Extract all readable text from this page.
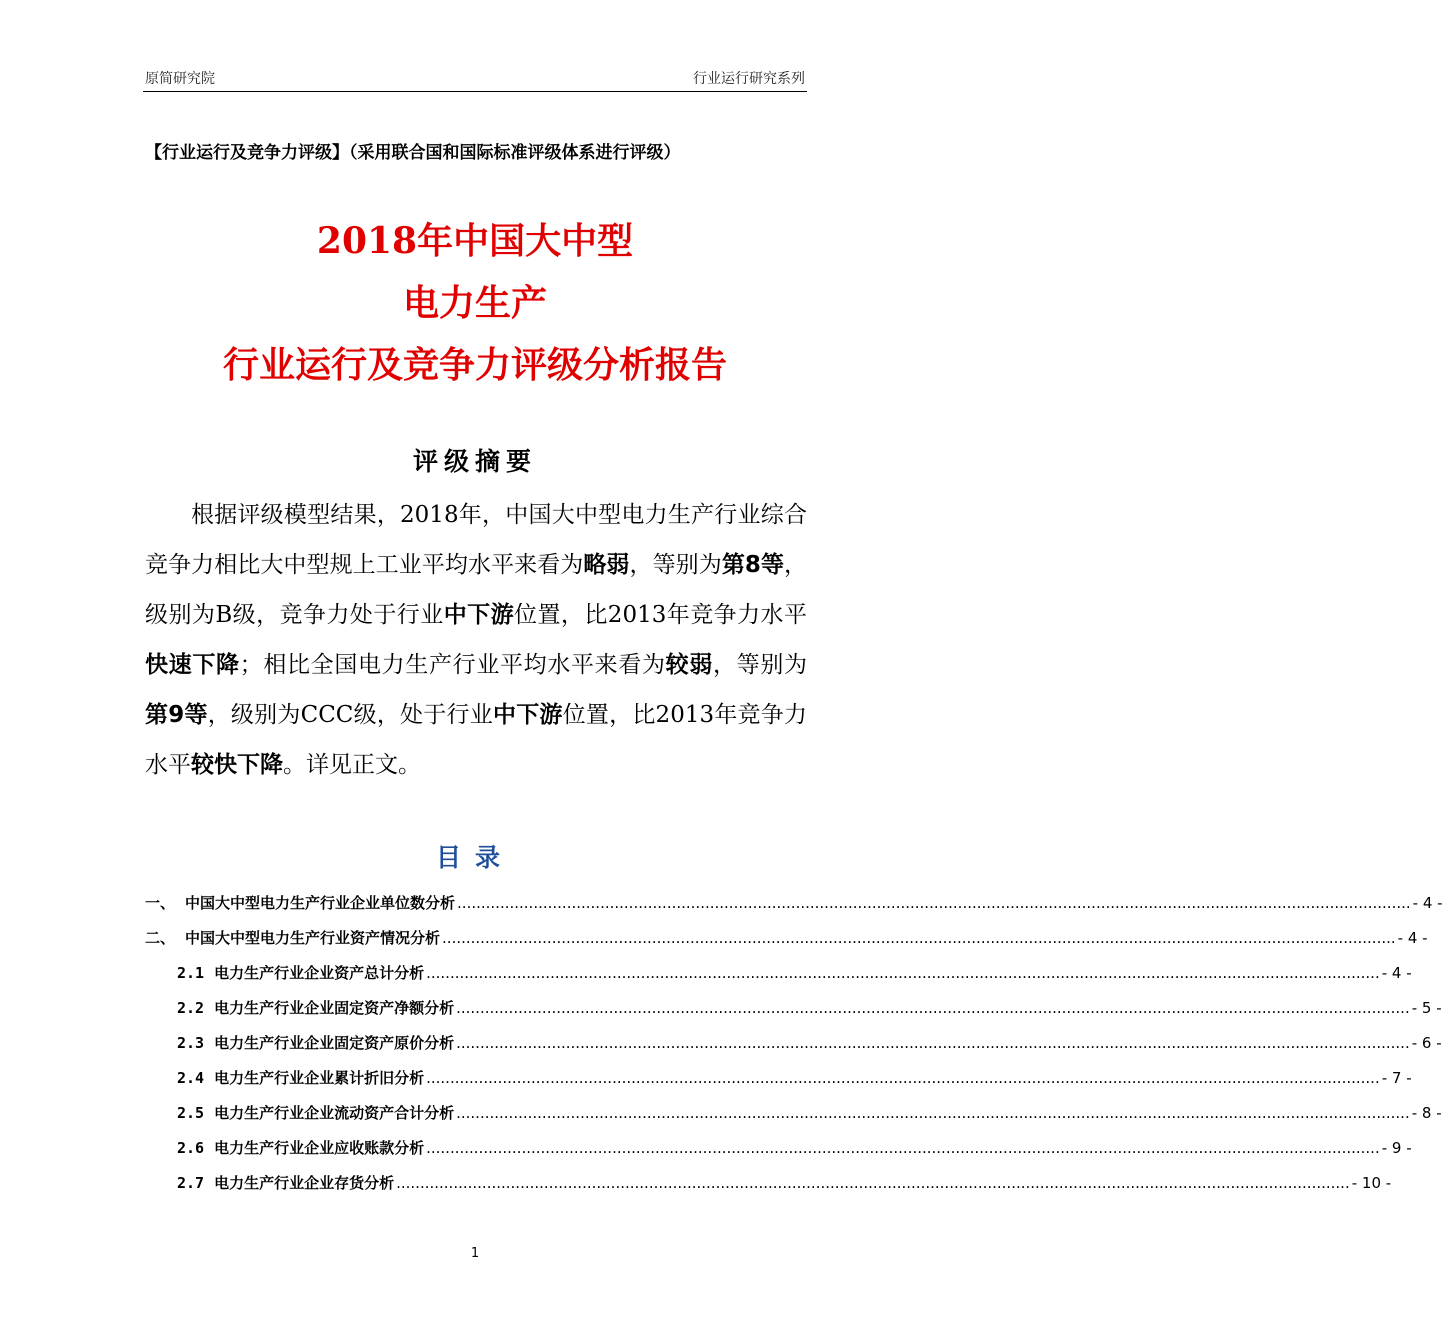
原简研究院	行业运行研究系列
【行业运行及竞争力评级】（采用联合国和国际标准评级体系进行评级）
2018年中国大中型
电力生产
行业运行及竞争力评级分析报告
评级摘要
根据评级模型结果，2018年，中国大中型电力生产行业综合竞争力相比大中型规上工业平均水平来看为略弱，等别为第8等，级别为B级，竞争力处于行业中下游位置，比2013年竞争力水平快速下降；相比全国电力生产行业平均水平来看为较弱，等别为第9等，级别为CCC级，处于行业中下游位置，比2013年竞争力水平较快下降。详见正文。
目录
一、 中国大中型电力生产行业企业单位数分析 ........................................................................................................................................................................................................ - 4 -
二、 中国大中型电力生产行业资产情况分析 ........................................................................................................................................................................................................ - 4 -
2.1 电力生产行业企业资产总计分析 ........................................................................................................................................................................................................ - 4 -
2.2 电力生产行业企业固定资产净额分析 ........................................................................................................................................................................................................ - 5 -
2.3 电力生产行业企业固定资产原价分析 ........................................................................................................................................................................................................ - 6 -
2.4 电力生产行业企业累计折旧分析 ........................................................................................................................................................................................................ - 7 -
2.5 电力生产行业企业流动资产合计分析 ........................................................................................................................................................................................................ - 8 -
2.6 电力生产行业企业应收账款分析 ........................................................................................................................................................................................................ - 9 -
2.7 电力生产行业企业存货分析 ........................................................................................................................................................................................................ - 10 -
1
